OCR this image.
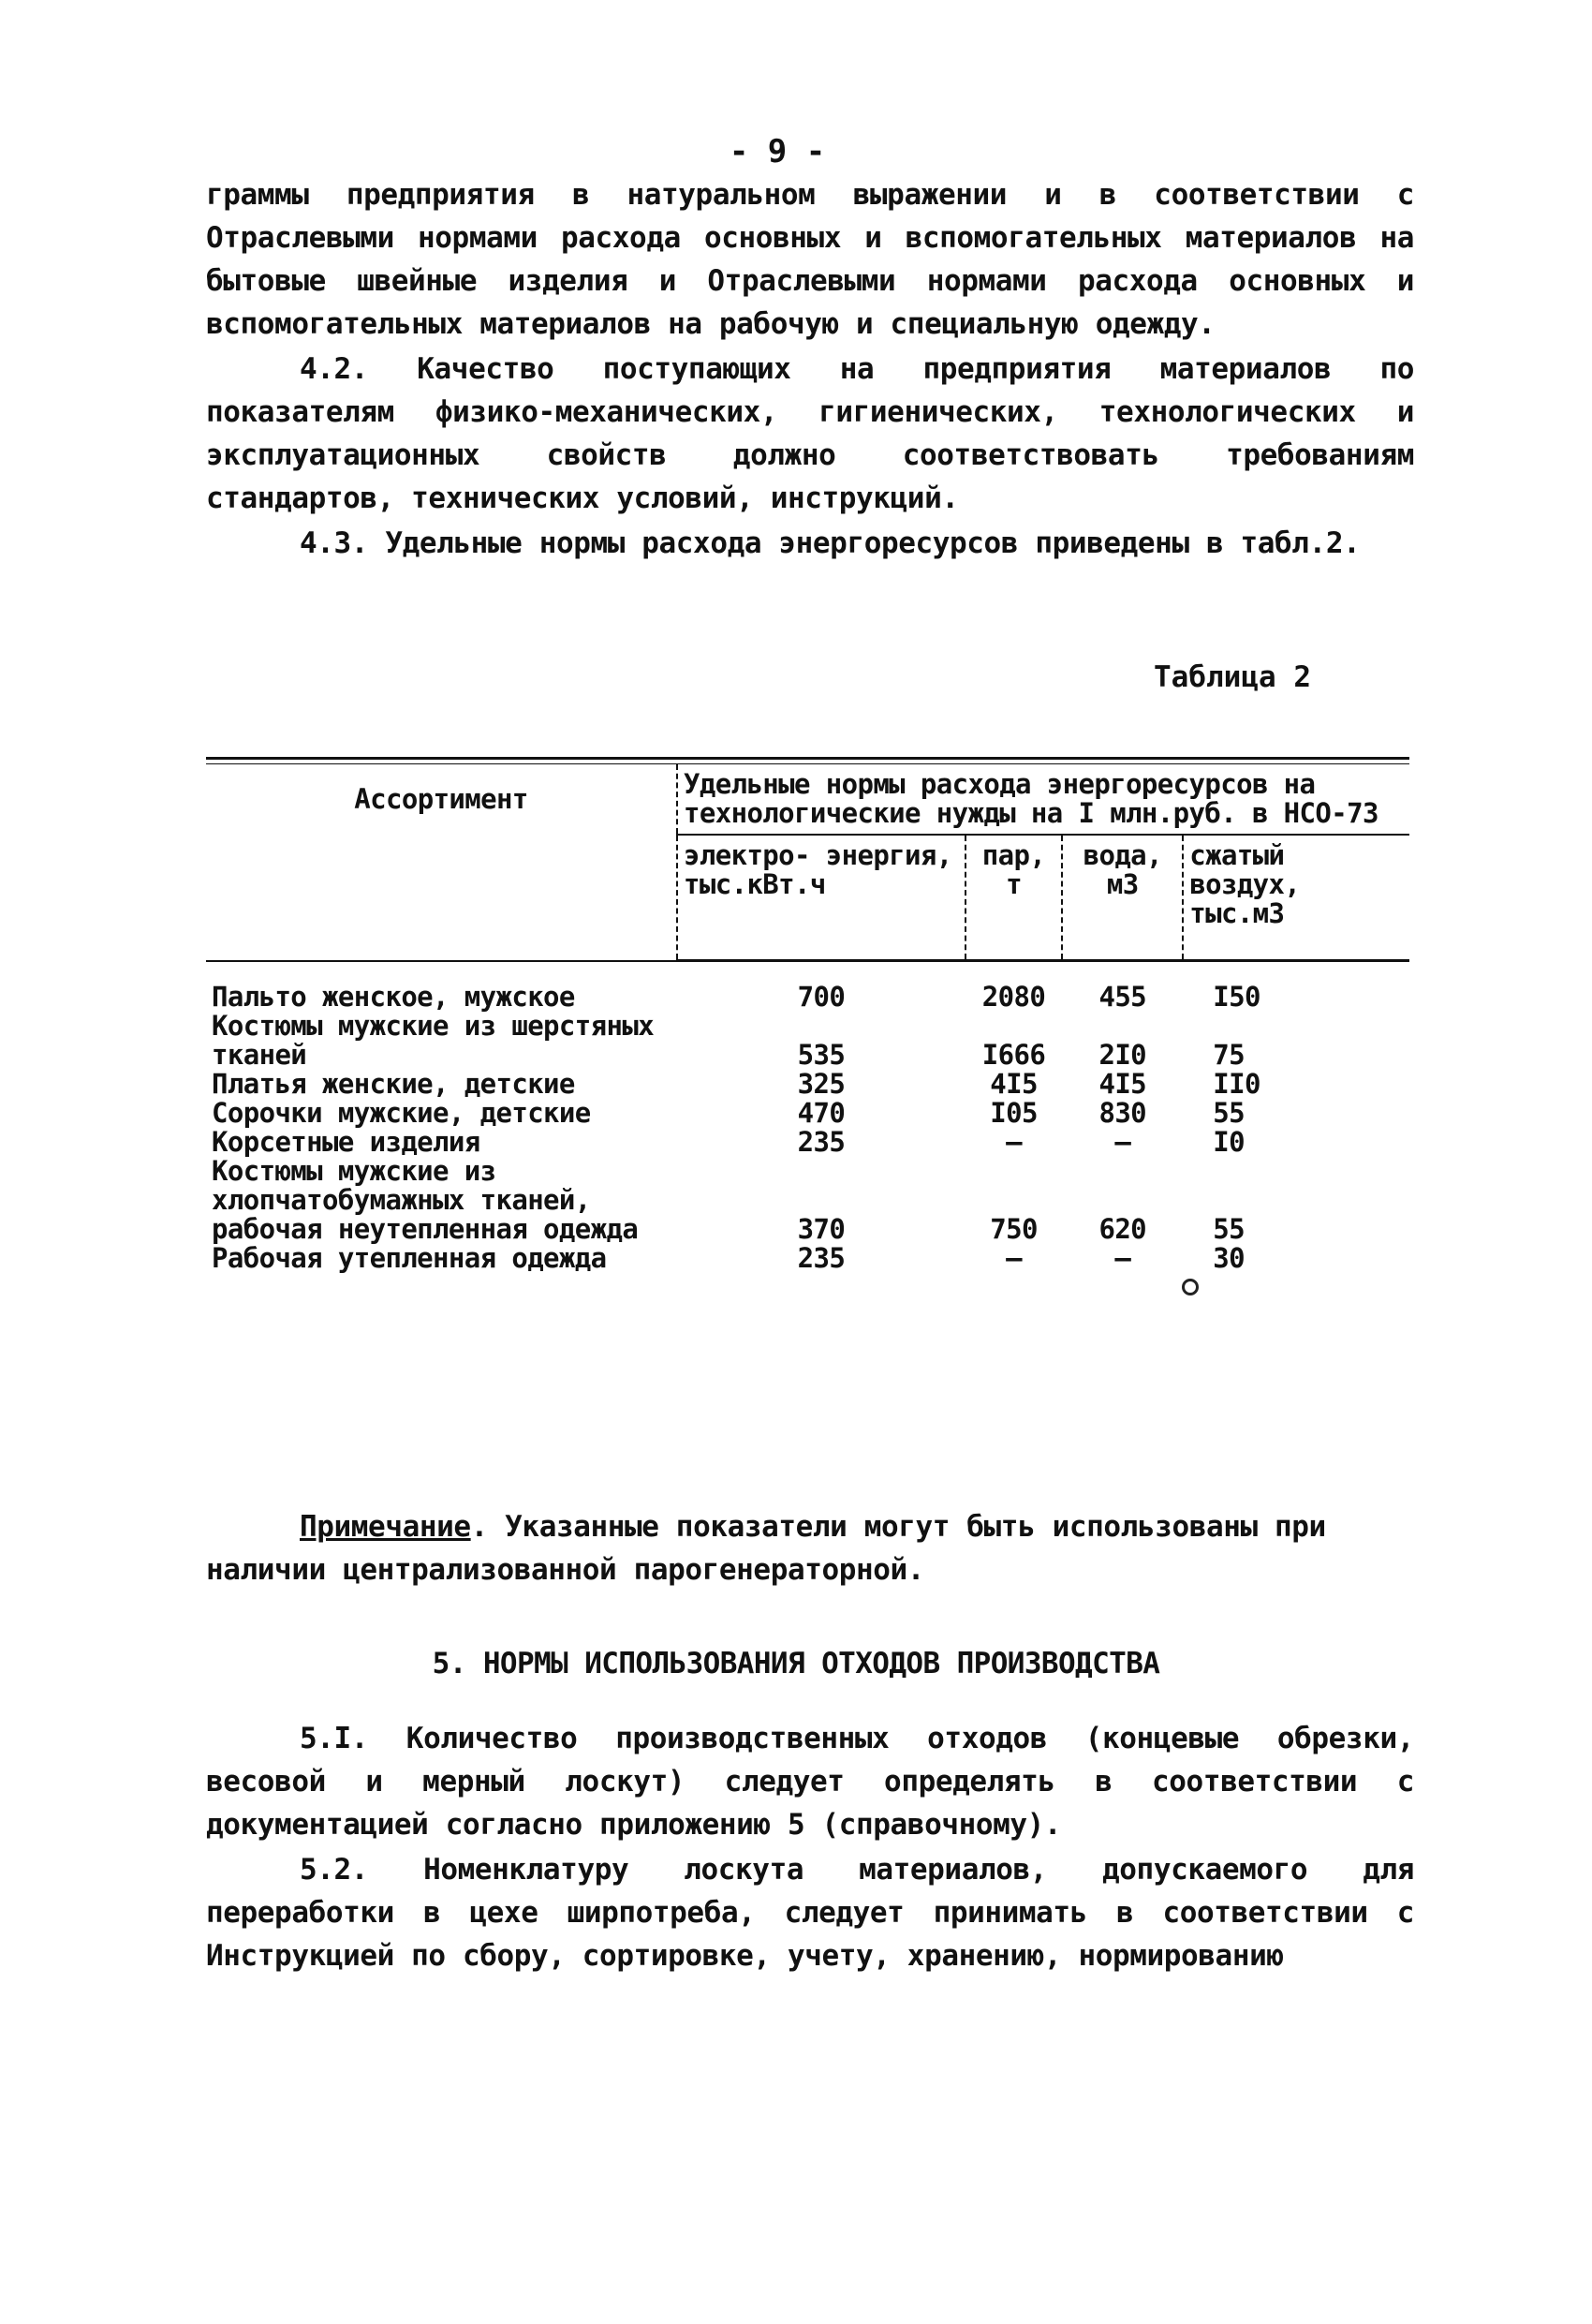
- 9 -

граммы предприятия в натуральном выражении и в соответствии с Отраслевыми нормами расхода основных и вспомогательных материалов на бытовые швейные изделия и Отраслевыми нормами расхода основных и вспомогательных материалов на рабочую и специальную одежду.

4.2. Качество поступающих на предприятия материалов по показателям физико-механических, гигиенических, технологических и эксплуатационных свойств должно соответствовать требованиям стандартов, технических условий, инструкций.

4.3. Удельные нормы расхода энергоресурсов приведены в табл.2.

Таблица 2
Ассортимент	Удельные нормы расхода энергоресурсов на технологические нужды на I млн.руб. в НСО-73			
	электро- энергия, тыс.кВт.ч	пар, т	вода, м3	сжатый воздух, тыс.м3
Пальто женское, мужское	700	2080	455	I50
Костюмы мужские из шерстяных тканей	535	I666	2I0	75
Платья женские, детские	325	4I5	4I5	II0
Сорочки мужские, детские	470	I05	830	55
Корсетные изделия	235	–	–	I0
Костюмы мужские из хлопчатобумажных тканей, рабочая неутепленная одежда	370	750	620	55
Рабочая утепленная одежда	235	–	–	30
Примечание. Указанные показатели могут быть использованы при наличии централизованной парогенераторной.
5. НОРМЫ ИСПОЛЬЗОВАНИЯ ОТХОДОВ ПРОИЗВОДСТВА

5.I. Количество производственных отходов (концевые обрезки, весовой и мерный лоскут) следует определять в соответствии с документацией согласно приложению 5 (справочному).

5.2. Номенклатуру лоскута материалов, допускаемого для переработки в цехе ширпотреба, следует принимать в соответствии с Инструкцией по сбору, сортировке, учету, хранению, нормированию
